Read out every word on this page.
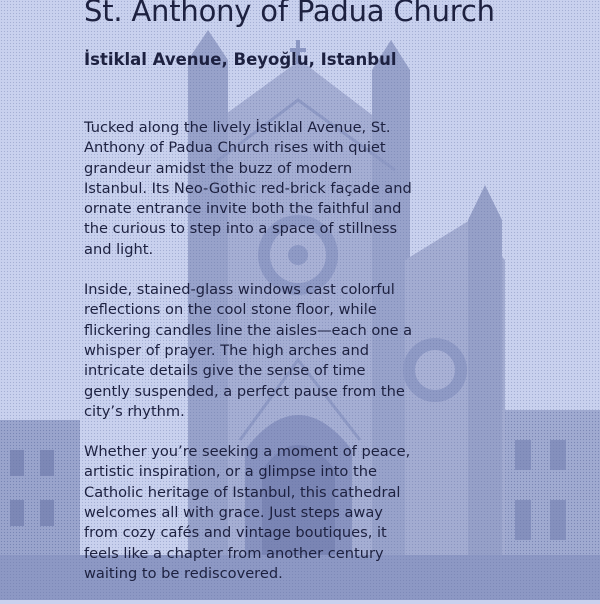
St. Anthony of Padua Church
İstiklal Avenue, Beyoğlu, Istanbul

Tucked along the lively İstiklal Avenue, St. Anthony of Padua Church rises with quiet grandeur amidst the buzz of modern Istanbul. Its Neo-Gothic red-brick façade and ornate entrance invite both the faithful and the curious to step into a space of stillness and light.

Inside, stained-glass windows cast colorful reflections on the cool stone floor, while flickering candles line the aisles—each one a whisper of prayer. The high arches and intricate details give the sense of time gently suspended, a perfect pause from the city’s rhythm.

Whether you’re seeking a moment of peace, artistic inspiration, or a glimpse into the Catholic heritage of Istanbul, this cathedral welcomes all with grace. Just steps away from cozy cafés and vintage boutiques, it feels like a chapter from another century waiting to be rediscovered.
